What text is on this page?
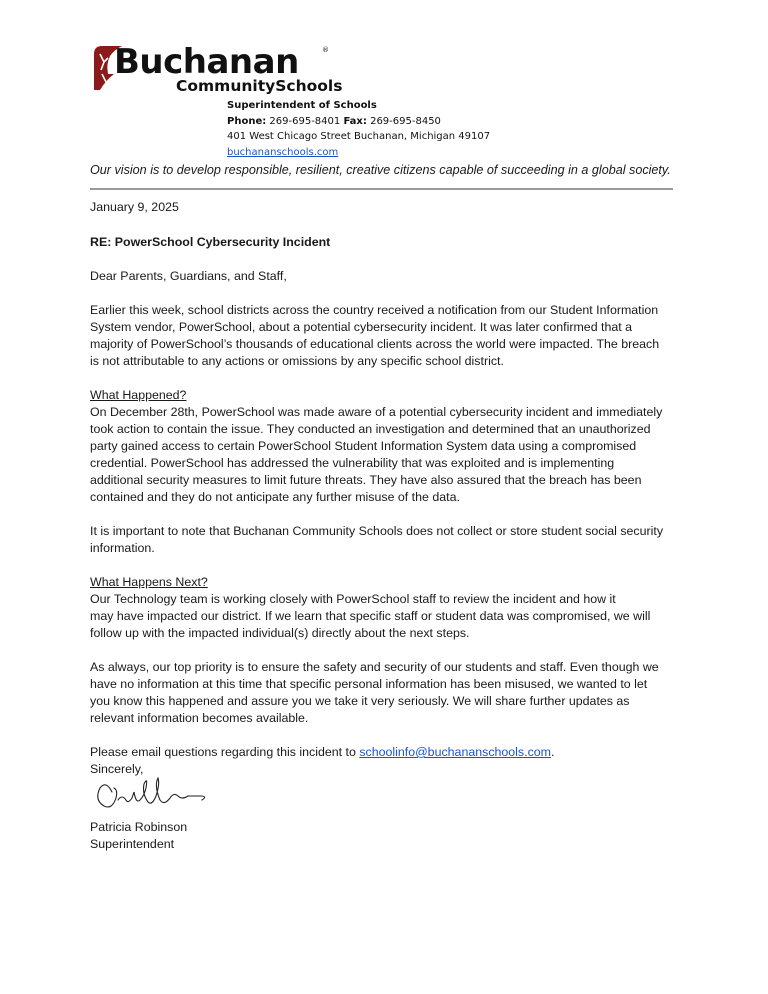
Buchanan
CommunitySchools
®
Superintendent of Schools
Phone: 269-695-8401 Fax: 269-695-8450
401 West Chicago Street Buchanan, Michigan 49107
buchananschools.com
Our vision is to develop responsible, resilient, creative citizens capable of succeeding in a global society.

January 9, 2025

RE: PowerSchool Cybersecurity Incident

Dear Parents, Guardians, and Staff,

Earlier this week, school districts across the country received a notification from our Student Information
System vendor, PowerSchool, about a potential cybersecurity incident. It was later confirmed that a
majority of PowerSchool’s thousands of educational clients across the world were impacted. The breach
is not attributable to any actions or omissions by any specific school district.

What Happened?

On December 28th, PowerSchool was made aware of a potential cybersecurity incident and immediately
took action to contain the issue. They conducted an investigation and determined that an unauthorized
party gained access to certain PowerSchool Student Information System data using a compromised
credential. PowerSchool has addressed the vulnerability that was exploited and is implementing
additional security measures to limit future threats. They have also assured that the breach has been
contained and they do not anticipate any further misuse of the data.

It is important to note that Buchanan Community Schools does not collect or store student social security
information.

What Happens Next?

Our Technology team is working closely with PowerSchool staff to review the incident and how it
may have impacted our district. If we learn that specific staff or student data was compromised, we will
follow up with the impacted individual(s) directly about the next steps.

As always, our top priority is to ensure the safety and security of our students and staff. Even though we
have no information at this time that specific personal information has been misused, we wanted to let
you know this happened and assure you we take it very seriously. We will share further updates as
relevant information becomes available.

Please email questions regarding this incident to schoolinfo@buchananschools.com.

Sincerely,

Patricia Robinson
Superintendent
